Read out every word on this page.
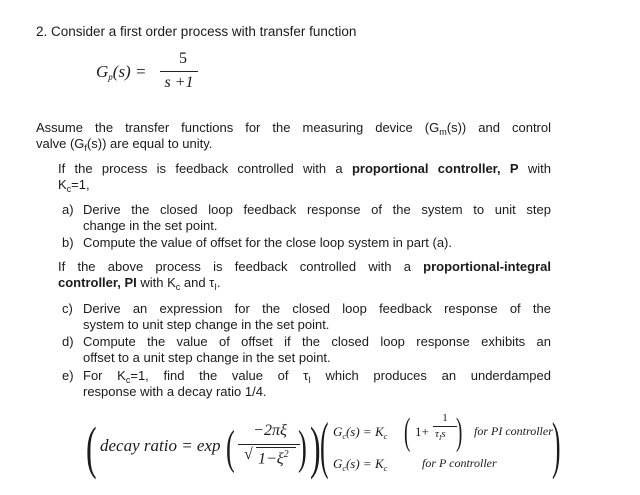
2. Consider a first order process with transfer function
$G_p(s)$ =
5
s +1
Assume the transfer functions for the measuring device $(G_m(s))$ and control
valve $(G_f(s))$ are equal to unity.
If the process is feedback controlled with a proportional controller, P with
$K_c=1$,
a) Derive the closed loop feedback response of the system to unit step
change in the set point.
b) Compute the value of offset for the close loop system in part (a).
If the above process is feedback controlled with a proportional-integral
controller, PI with $K_c$ and $\tau_I$.
c) Derive an expression for the closed loop feedback response of the
system to unit step change in the set point.
d) Compute the value of offset if the closed loop response exhibits an
offset to a unit step change in the set point.
e) For $K_c=1$, find the value of $\tau_I$ which produces an underdamped
response with a decay ratio 1/4.
( decay ratio = exp (	−2πξ
√ $1-\xi^2$ ) ) ( $G_c(s) = K_c$ ( 1+
1
$\tau_Is$ ) for PI controller
$G_c(s) = K_c$	for P controller )
